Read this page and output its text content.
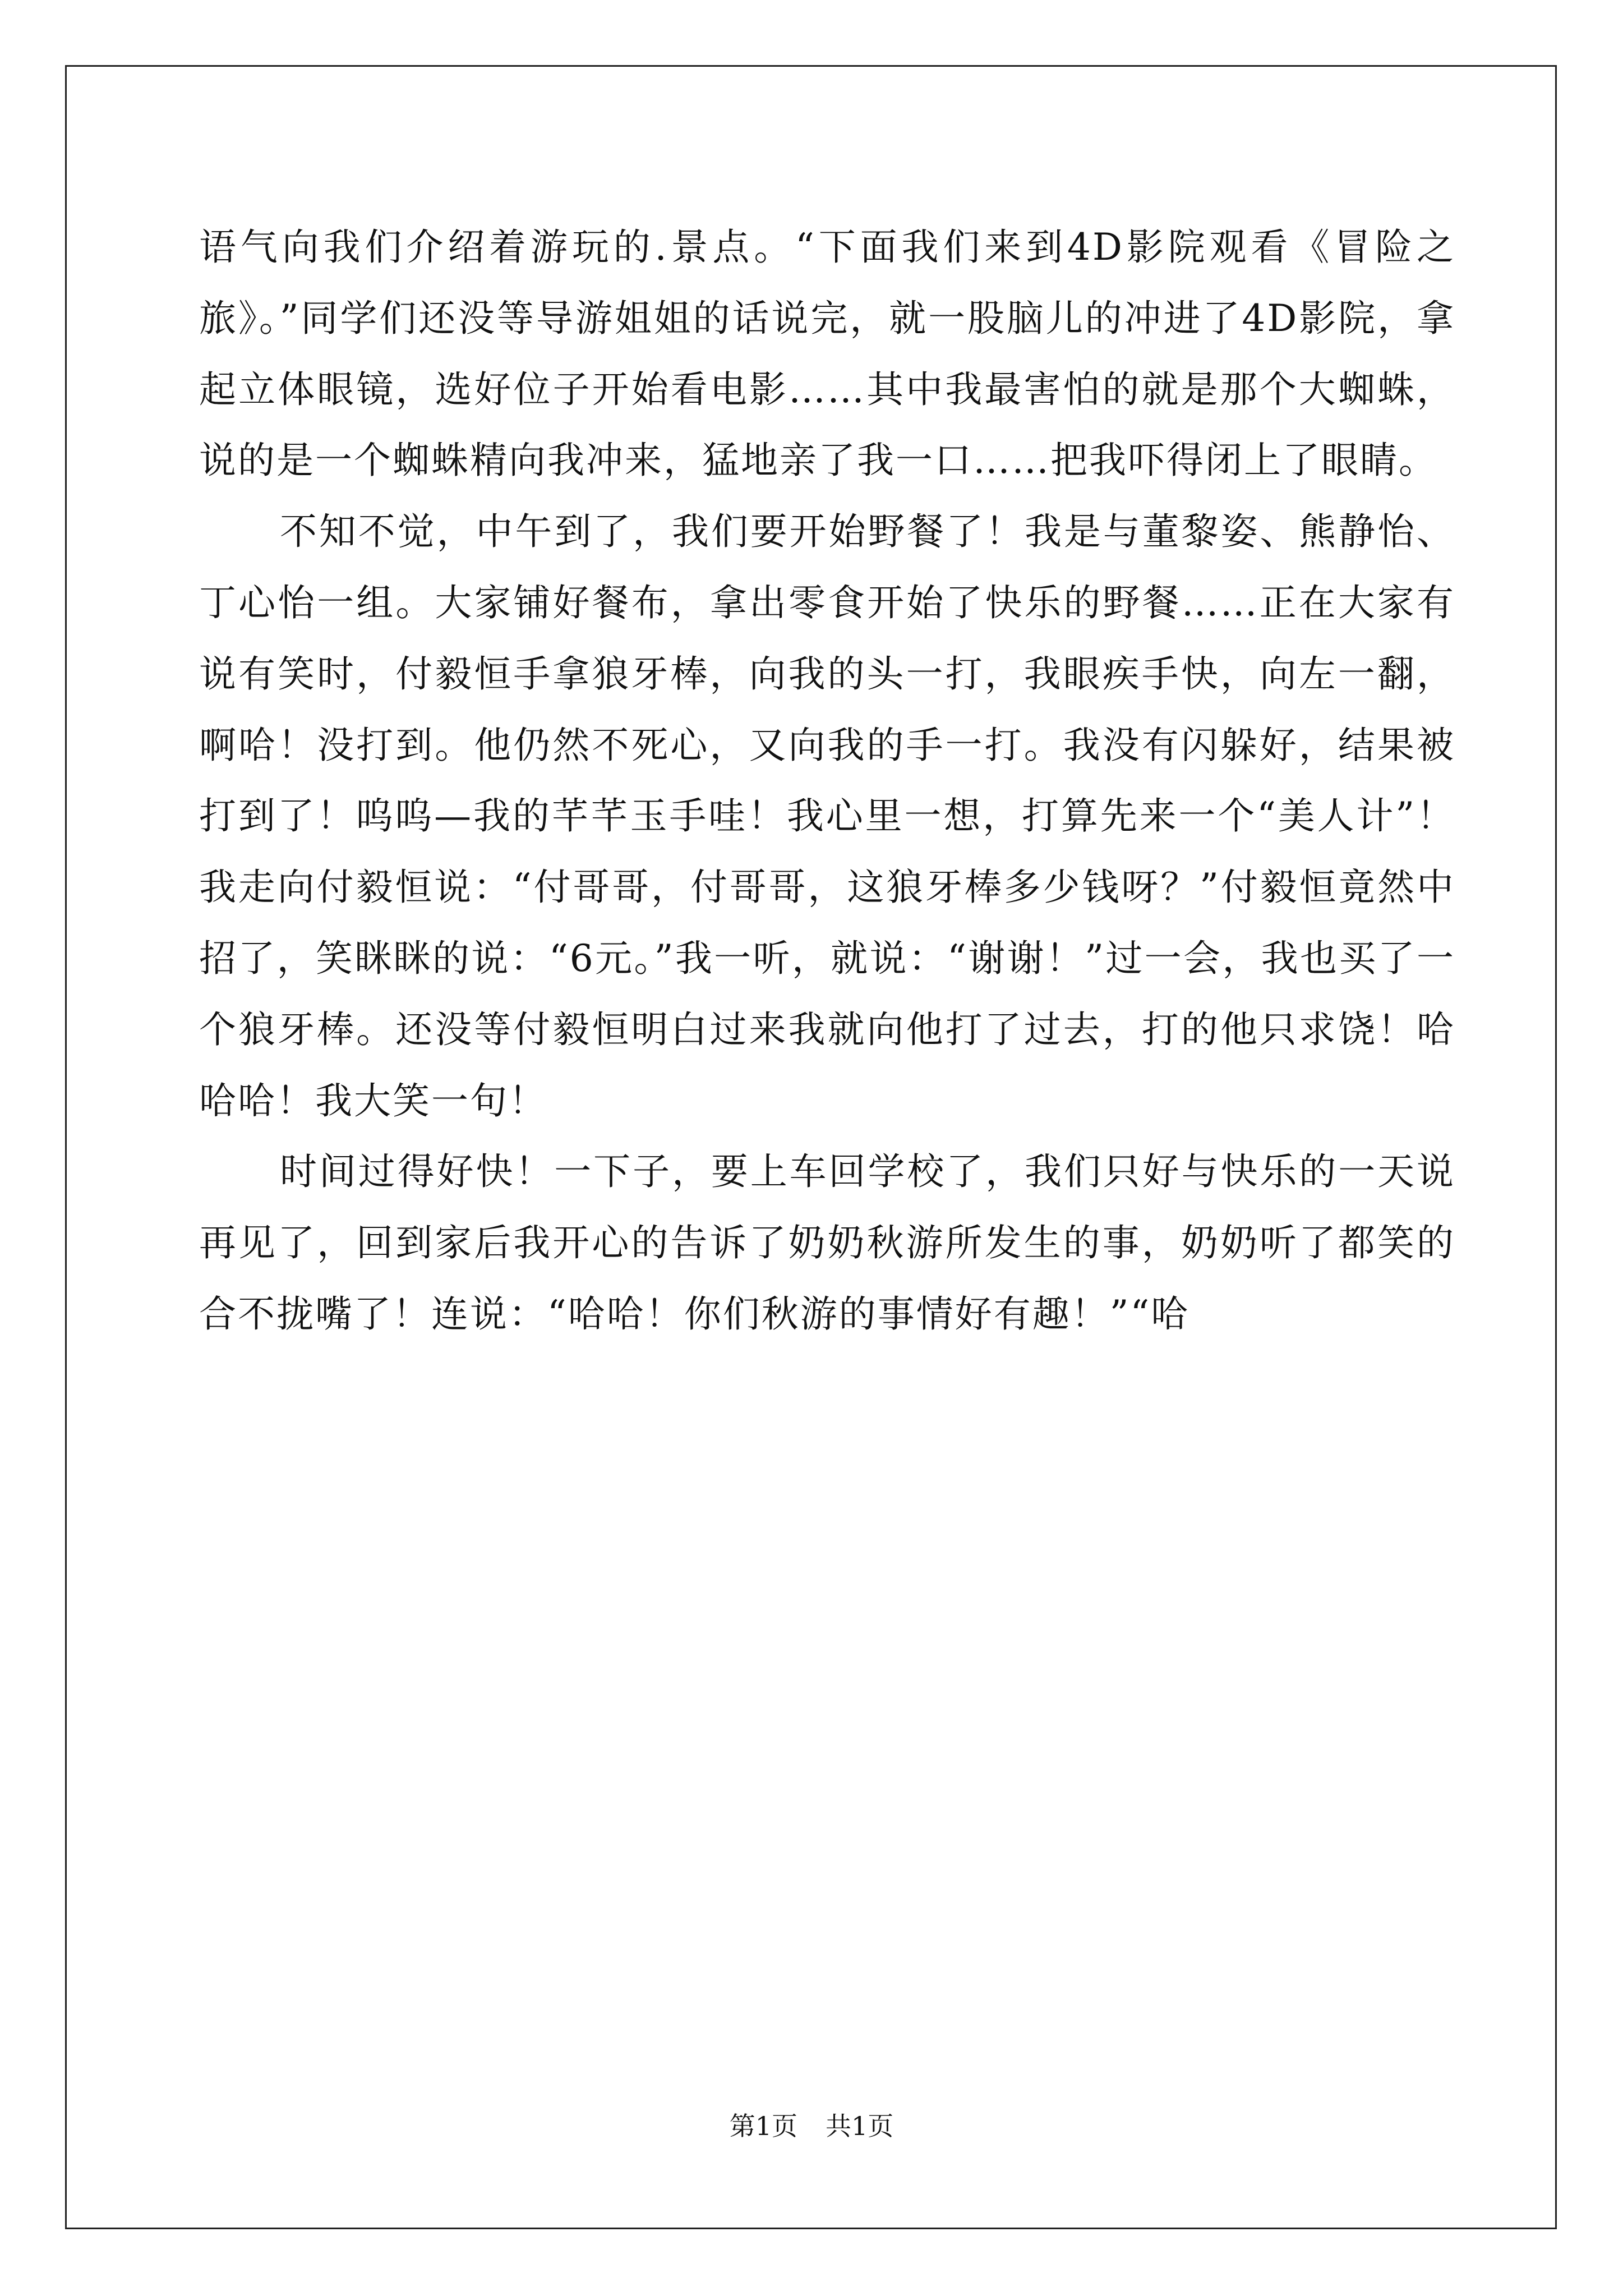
语气向我们介绍着游玩的.景点。“下面我们来到4D影院观看《冒险之旅》。”同学们还没等导游姐姐的话说完，就一股脑儿的冲进了4D影院，拿起立体眼镜，选好位子开始看电影……其中我最害怕的就是那个大蜘蛛，说的是一个蜘蛛精向我冲来，猛地亲了我一口……把我吓得闭上了眼睛。

不知不觉，中午到了，我们要开始野餐了！我是与董黎姿、熊静怡、丁心怡一组。大家铺好餐布，拿出零食开始了快乐的野餐……正在大家有说有笑时，付毅恒手拿狼牙棒，向我的头一打，我眼疾手快，向左一翻，啊哈！没打到。他仍然不死心，又向我的手一打。我没有闪躲好，结果被打到了！呜呜—我的芊芊玉手哇！我心里一想，打算先来一个“美人计”！我走向付毅恒说：“付哥哥，付哥哥，这狼牙棒多少钱呀？”付毅恒竟然中招了，笑眯眯的说：“6元。”我一听，就说：“谢谢！”过一会，我也买了一个狼牙棒。还没等付毅恒明白过来我就向他打了过去，打的他只求饶！哈哈哈！我大笑一句！

时间过得好快！一下子，要上车回学校了，我们只好与快乐的一天说再见了，回到家后我开心的告诉了奶奶秋游所发生的事，奶奶听了都笑的合不拢嘴了！连说：“哈哈！你们秋游的事情好有趣！”“哈

第1页 共1页
